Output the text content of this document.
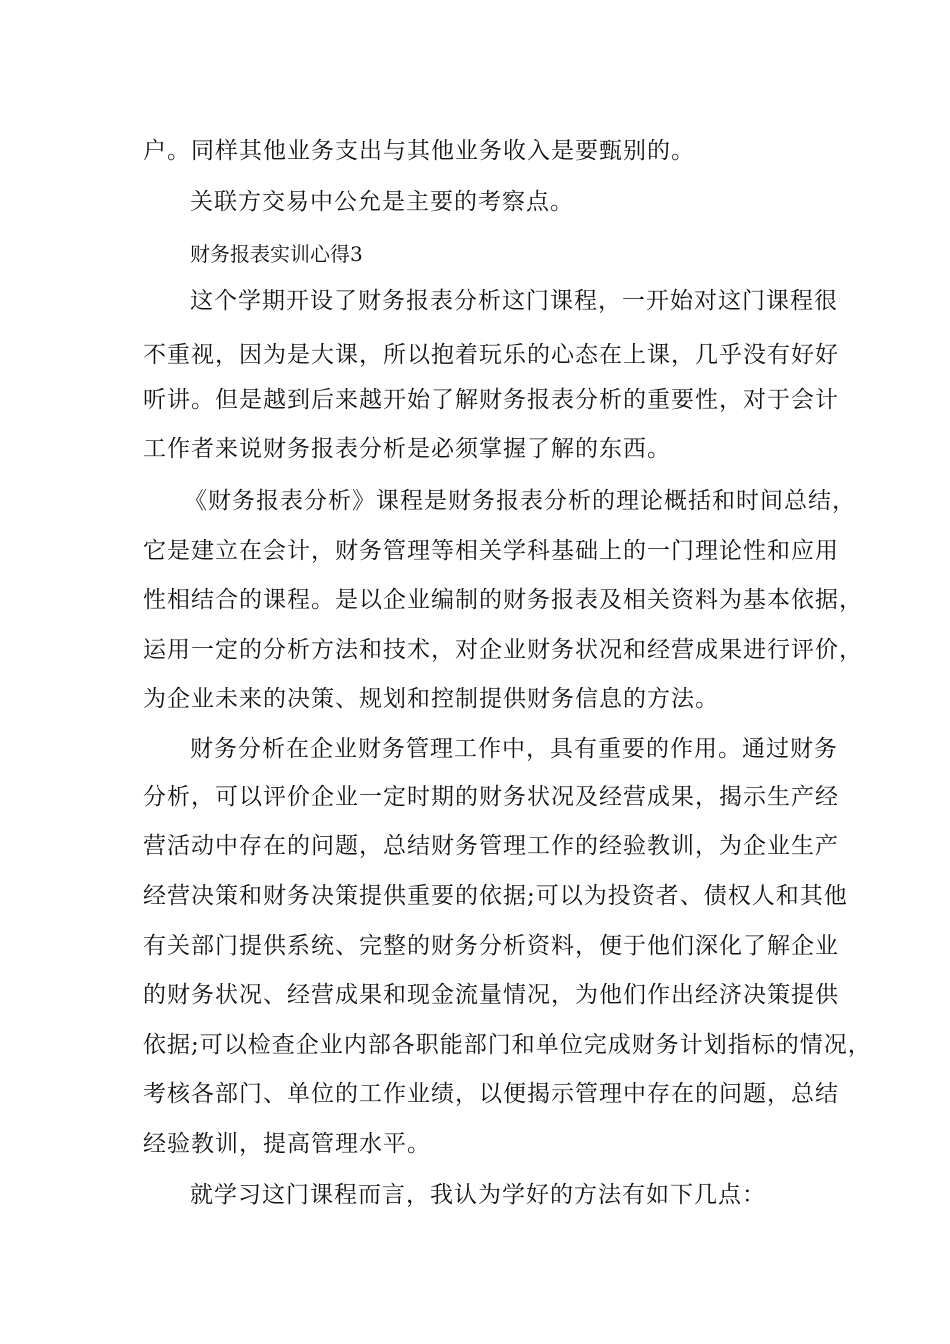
户。同样其他业务支出与其他业务收入是要甄别的。
关联方交易中公允是主要的考察点。
财务报表实训心得3
这个学期开设了财务报表分析这门课程，一开始对这门课程很
不重视，因为是大课，所以抱着玩乐的心态在上课，几乎没有好好
听讲。但是越到后来越开始了解财务报表分析的重要性，对于会计
工作者来说财务报表分析是必须掌握了解的东西。
《财务报表分析》课程是财务报表分析的理论概括和时间总结，
它是建立在会计，财务管理等相关学科基础上的一门理论性和应用
性相结合的课程。是以企业编制的财务报表及相关资料为基本依据，
运用一定的分析方法和技术，对企业财务状况和经营成果进行评价，
为企业未来的决策、规划和控制提供财务信息的方法。
财务分析在企业财务管理工作中，具有重要的作用。通过财务
分析，可以评价企业一定时期的财务状况及经营成果，揭示生产经
营活动中存在的问题，总结财务管理工作的经验教训，为企业生产
经营决策和财务决策提供重要的依据;可以为投资者、债权人和其他
有关部门提供系统、完整的财务分析资料，便于他们深化了解企业
的财务状况、经营成果和现金流量情况，为他们作出经济决策提供
依据;可以检查企业内部各职能部门和单位完成财务计划指标的情况，
考核各部门、单位的工作业绩，以便揭示管理中存在的问题，总结
经验教训，提高管理水平。
就学习这门课程而言，我认为学好的方法有如下几点：
